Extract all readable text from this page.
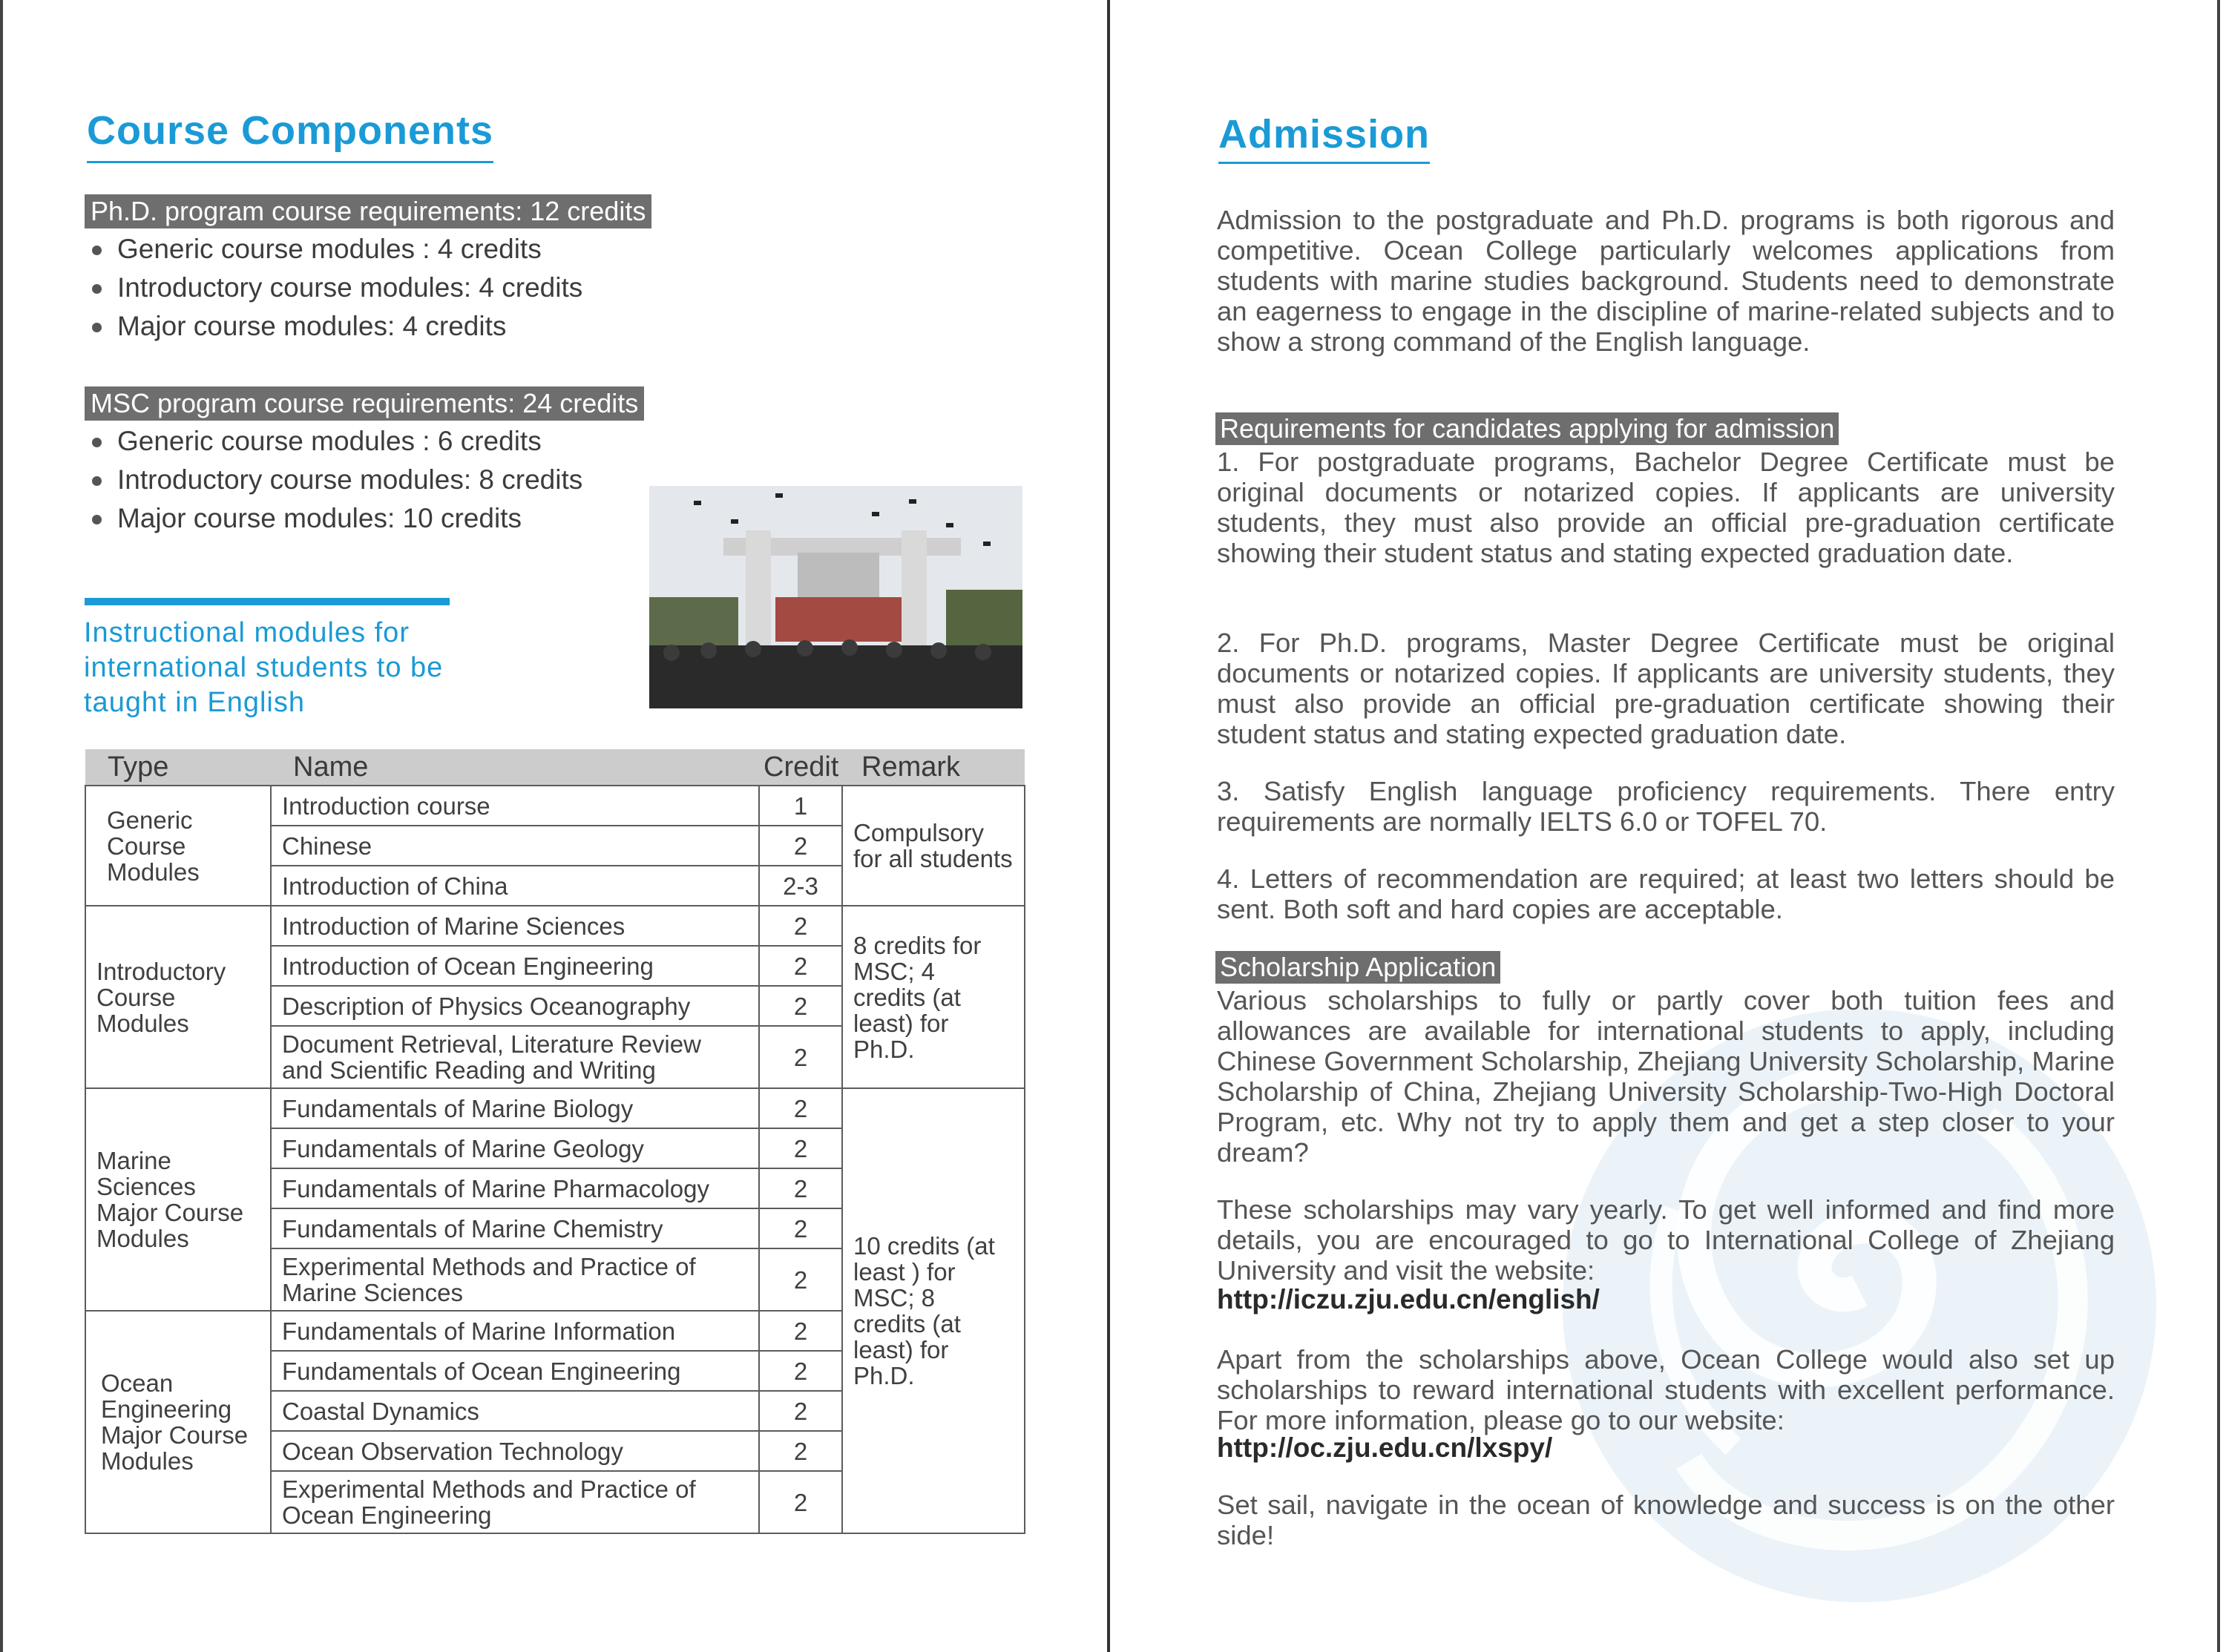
Course Components
Ph.D. program course requirements: 12 credits
Generic course modules : 4 credits
Introductory course modules: 4 credits
Major course modules: 4 credits
MSC program course requirements: 24 credits
Generic course modules : 6 credits
Introductory course modules: 8 credits
Major course modules: 10 credits
Instructional modules for international students to be taught in English
Type	Name	Credit	Remark
Generic Course Modules	Introduction course	1	Compulsory for all students
	Chinese	2	
	Introduction of China	2-3	
Introductory Course Modules	Introduction of Marine Sciences	2	8 credits for MSC; 4 credits (at least) for Ph.D.
	Introduction of Ocean Engineering	2	
	Description of Physics Oceanography	2	
	Document Retrieval, Literature Review and Scientific Reading and Writing	2	
Marine Sciences Major Course Modules	Fundamentals of Marine Biology	2	10 credits (at least ) for MSC; 8 credits (at least) for Ph.D.
	Fundamentals of Marine Geology	2	
	Fundamentals of Marine Pharmacology	2	
	Fundamentals of Marine Chemistry	2	
	Experimental Methods and Practice of Marine Sciences	2	
Ocean Engineering Major Course Modules	Fundamentals of Marine Information	2	
	Fundamentals of Ocean Engineering	2	
	Coastal Dynamics	2	
	Ocean Observation Technology	2	
	Experimental Methods and Practice of Ocean Engineering	2	
Admission

Admission to the postgraduate and Ph.D. programs is both rigorous and competitive. Ocean College particularly welcomes applications from students with marine studies background. Students need to demonstrate an eagerness to engage in the discipline of marine-related subjects and to show a strong command of the English language.

Requirements for candidates applying for admission

1. For postgraduate programs, Bachelor Degree Certificate must be original documents or notarized copies. If applicants are university students, they must also provide an official pre-graduation certificate showing their student status and stating expected graduation date.

2. For Ph.D. programs, Master Degree Certificate must be original documents or notarized copies. If applicants are university students, they must also provide an official pre-graduation certificate showing their student status and stating expected graduation date.

3. Satisfy English language proficiency requirements. There entry requirements are normally IELTS 6.0 or TOFEL 70.

4. Letters of recommendation are required; at least two letters should be sent. Both soft and hard copies are acceptable.

Scholarship Application

Various scholarships to fully or partly cover both tuition fees and allowances are available for international students to apply, including Chinese Government Scholarship, Zhejiang University Scholarship, Marine Scholarship of China, Zhejiang University Scholarship-Two-High Doctoral Program, etc. Why not try to apply them and get a step closer to your dream?

These scholarships may vary yearly. To get well informed and find more details, you are encouraged to go to International College of Zhejiang University and visit the website:

http://iczu.zju.edu.cn/english/

Apart from the scholarships above, Ocean College would also set up scholarships to reward international students with excellent performance. For more information, please go to our website:

http://oc.zju.edu.cn/lxspy/

Set sail, navigate in the ocean of knowledge and success is on the other side!
